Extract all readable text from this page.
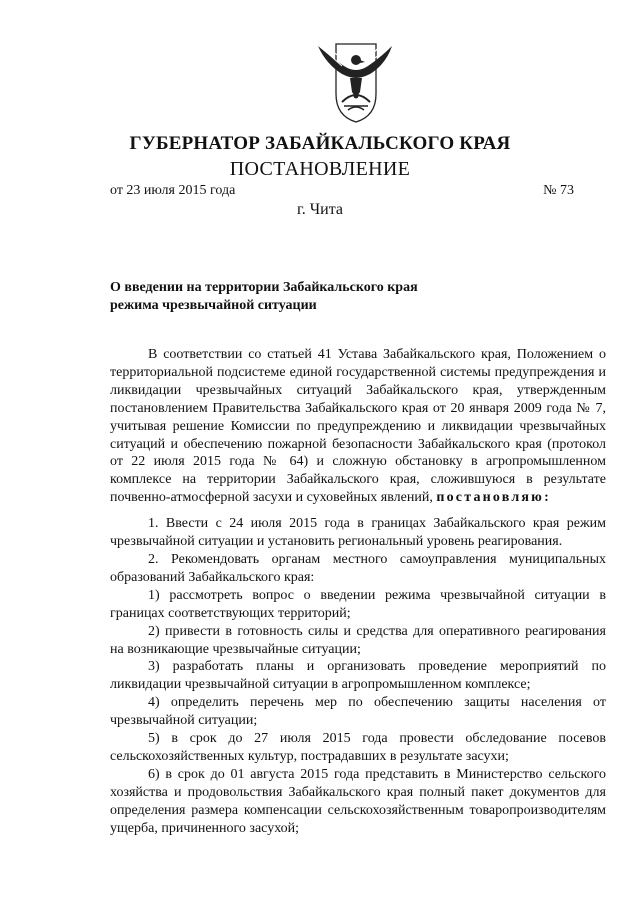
ГУБЕРНАТОР ЗАБАЙКАЛЬСКОГО КРАЯ
ПОСТАНОВЛЕНИЕ
от 23 июля 2015 года	№ 73
г. Чита
О введении на территории Забайкальского края
режима чрезвычайной ситуации

В соответствии со статьей 41 Устава Забайкальского края, Положением о территориальной подсистеме единой государственной системы предупреждения и ликвидации чрезвычайных ситуаций Забайкальского края, утвержденным постановлением Правительства Забайкальского края от 20 января 2009 года № 7, учитывая решение Комиссии по предупреждению и ликвидации чрезвычайных ситуаций и обеспечению пожарной безопасности Забайкальского края (протокол от 22 июля 2015 года № 64) и сложную обстановку в агропромышленном комплексе на территории Забайкальского края, сложившуюся в результате почвенно-атмосферной засухи и суховейных явлений, постановляю:

1. Ввести с 24 июля 2015 года в границах Забайкальского края режим чрезвычайной ситуации и установить региональный уровень реагирования.

2. Рекомендовать органам местного самоуправления муниципальных образований Забайкальского края:

1) рассмотреть вопрос о введении режима чрезвычайной ситуации в границах соответствующих территорий;

2) привести в готовность силы и средства для оперативного реагирования на возникающие чрезвычайные ситуации;

3) разработать планы и организовать проведение мероприятий по ликвидации чрезвычайной ситуации в агропромышленном комплексе;

4) определить перечень мер по обеспечению защиты населения от чрезвычайной ситуации;

5) в срок до 27 июля 2015 года провести обследование посевов сельскохозяйственных культур, пострадавших в результате засухи;

6) в срок до 01 августа 2015 года представить в Министерство сельского хозяйства и продовольствия Забайкальского края полный пакет документов для определения размера компенсации сельскохозяйственным товаропроизводителям ущерба, причиненного засухой;
